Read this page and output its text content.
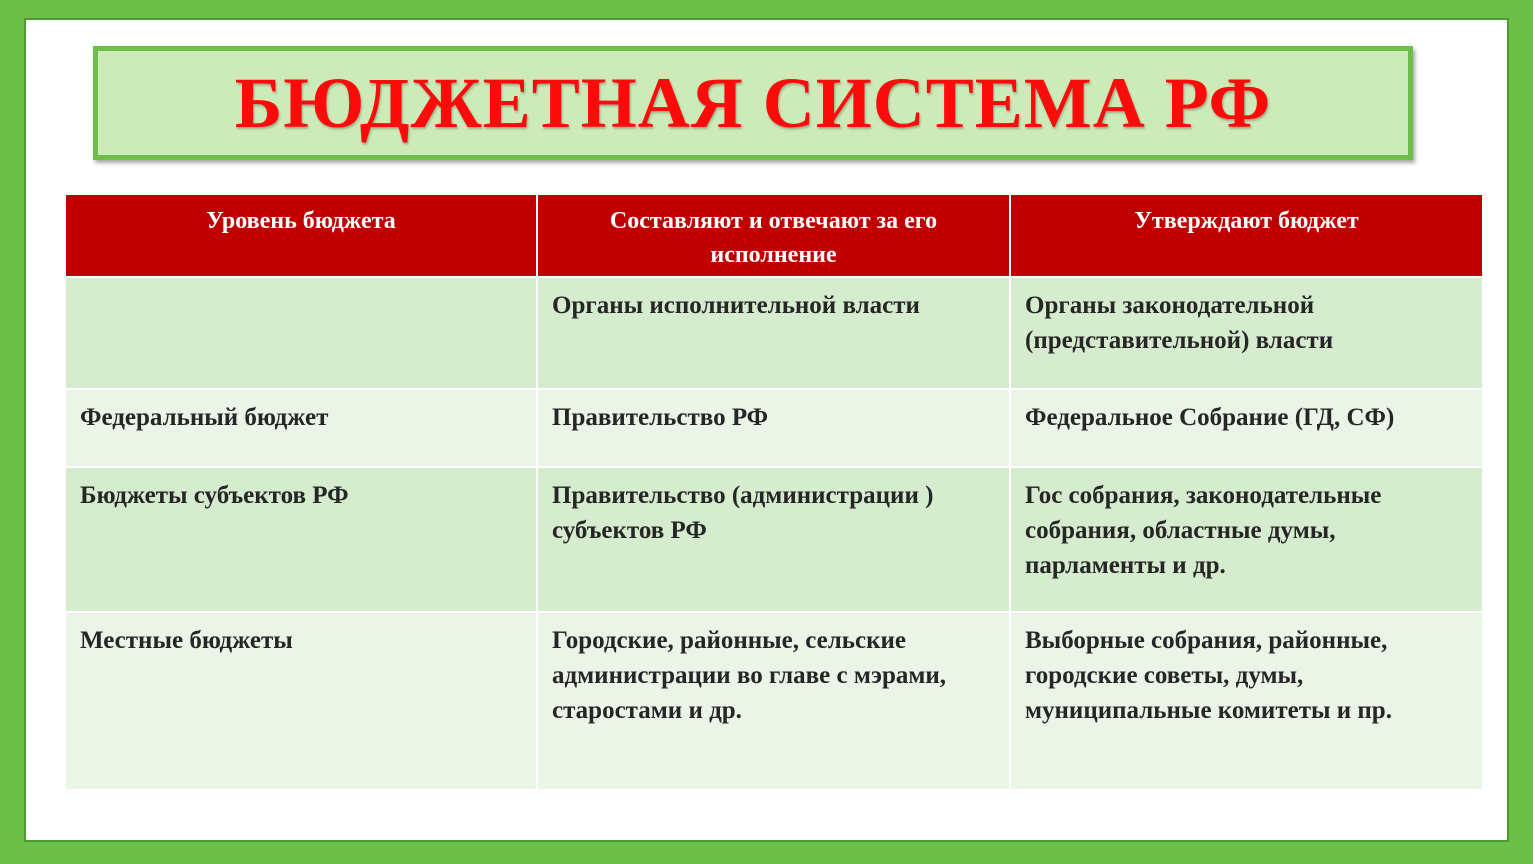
БЮДЖЕТНАЯ СИСТЕМА РФ
Уровень бюджета	Составляют и отвечают за его исполнение	Утверждают бюджет
	Органы исполнительной власти	Органы законодательной (представительной) власти
Федеральный бюджет	Правительство РФ	Федеральное Собрание (ГД, СФ)
Бюджеты субъектов РФ	Правительство (администрации ) субъектов РФ	Гос собрания, законодательные собрания, областные думы, парламенты и др.
Местные бюджеты	Городские, районные, сельские администрации во главе с мэрами, старостами и др.	Выборные собрания, районные, городские советы, думы, муниципальные комитеты и пр.
